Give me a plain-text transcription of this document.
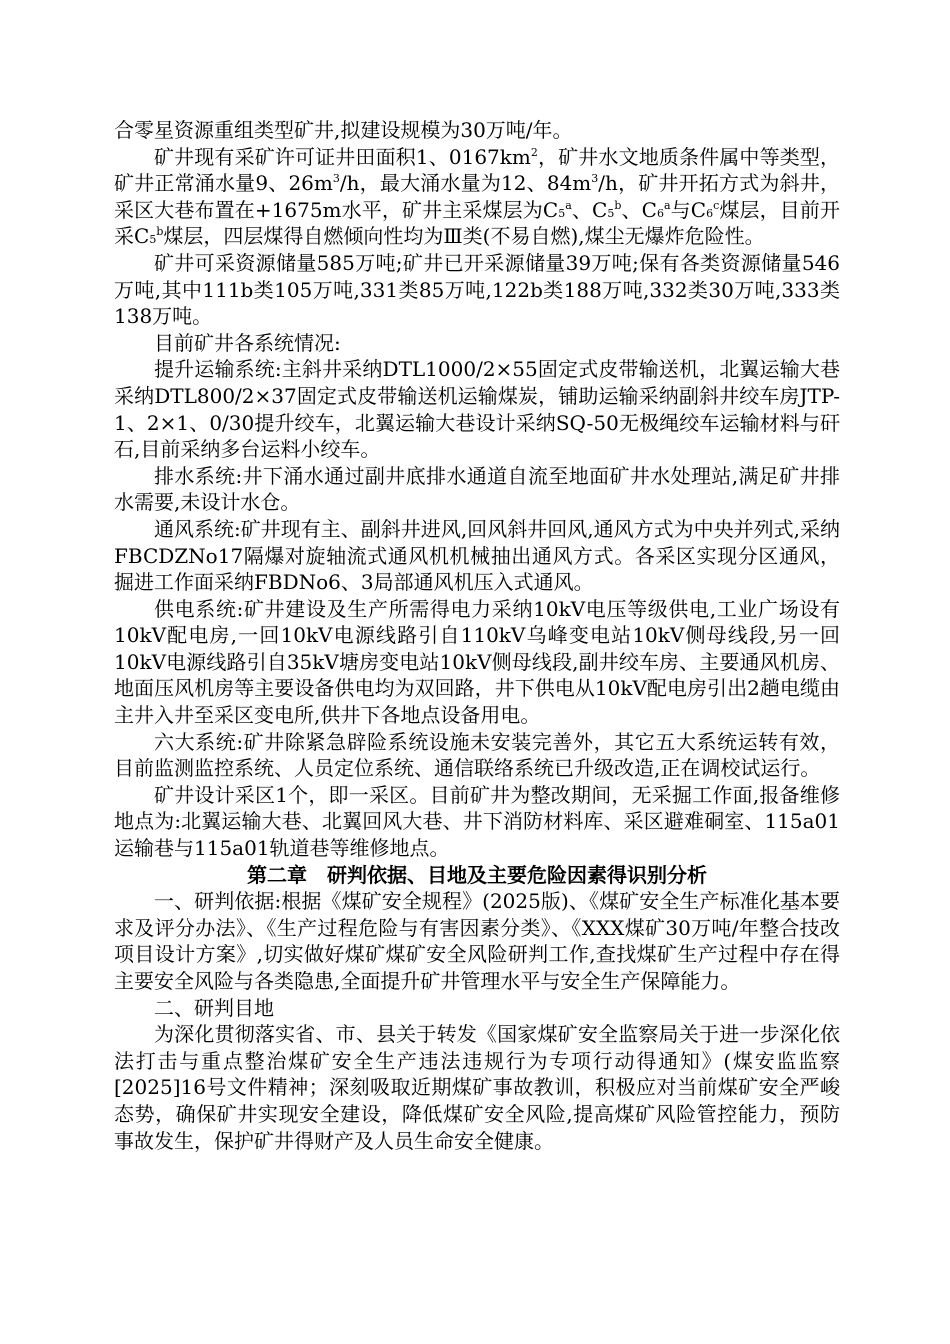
合零星资源重组类型矿井,拟建设规模为30万吨/年。

矿井现有采矿许可证井田面积1、$0167km^2$，矿井水文地质条件属中等类型，矿井正常涌水量9、$26m^3/h$，最大涌水量为12、$84m^3/h$，矿井开拓方式为斜井，采区大巷布置在+1675m水平，矿井主采煤层为C5$^a$、C5$^b$、C6$^a$与C6$^c$煤层，目前开采C5$^b$煤层，四层煤得自燃倾向性均为Ⅲ类(不易自燃),煤尘无爆炸危险性。

矿井可采资源储量585万吨;矿井已开采源储量39万吨;保有各类资源储量546万吨,其中111b类105万吨,331类85万吨,122b类188万吨,332类30万吨,333类138万吨。

目前矿井各系统情况:

提升运输系统:主斜井采纳DTL1000/2×55固定式皮带输送机，北翼运输大巷采纳DTL800/2×37固定式皮带输送机运输煤炭，铺助运输采纳副斜井绞车房JTP-1、2×1、0/30提升绞车，北翼运输大巷设计采纳SQ-50无极绳绞车运输材料与矸石,目前采纳多台运料小绞车。

排水系统:井下涌水通过副井底排水通道自流至地面矿井水处理站,满足矿井排水需要,未设计水仓。

通风系统:矿井现有主、副斜井进风,回风斜井回风,通风方式为中央并列式,采纳FBCDZNo17隔爆对旋轴流式通风机机械抽出通风方式。各采区实现分区通风，掘进工作面采纳FBDNo6、3局部通风机压入式通风。

供电系统:矿井建设及生产所需得电力采纳10kV电压等级供电,工业广场设有10kV配电房,一回10kV电源线路引自110kV乌峰变电站10kV侧母线段,另一回10kV电源线路引自35kV塘房变电站10kV侧母线段,副井绞车房、主要通风机房、地面压风机房等主要设备供电均为双回路，井下供电从10kV配电房引出2趟电缆由主井入井至采区变电所,供井下各地点设备用电。

六大系统:矿井除紧急辟险系统设施未安装完善外，其它五大系统运转有效，目前监测监控系统、人员定位系统、通信联络系统已升级改造,正在调校试运行。

矿井设计采区1个，即一采区。目前矿井为整改期间，无采掘工作面,报备维修地点为:北翼运输大巷、北翼回风大巷、井下消防材料库、采区避难硐室、115a01运输巷与115a01轨道巷等维修地点。

第二章　研判依据、目地及主要危险因素得识别分析

一、研判依据:根据《煤矿安全规程》(2025版)、《煤矿安全生产标准化基本要求及评分办法》、《生产过程危险与有害因素分类》、《XXX煤矿30万吨/年整合技改项目设计方案》,切实做好煤矿煤矿安全风险研判工作,查找煤矿生产过程中存在得主要安全风险与各类隐患,全面提升矿井管理水平与安全生产保障能力。

二、研判目地

为深化贯彻落实省、市、县关于转发《国家煤矿安全监察局关于进一步深化依法打击与重点整治煤矿安全生产违法违规行为专项行动得通知》(煤安监监察[2025]16号文件精神；深刻吸取近期煤矿事故教训，积极应对当前煤矿安全严峻态势，确保矿井实现安全建设，降低煤矿安全风险,提高煤矿风险管控能力，预防事故发生，保护矿井得财产及人员生命安全健康。
